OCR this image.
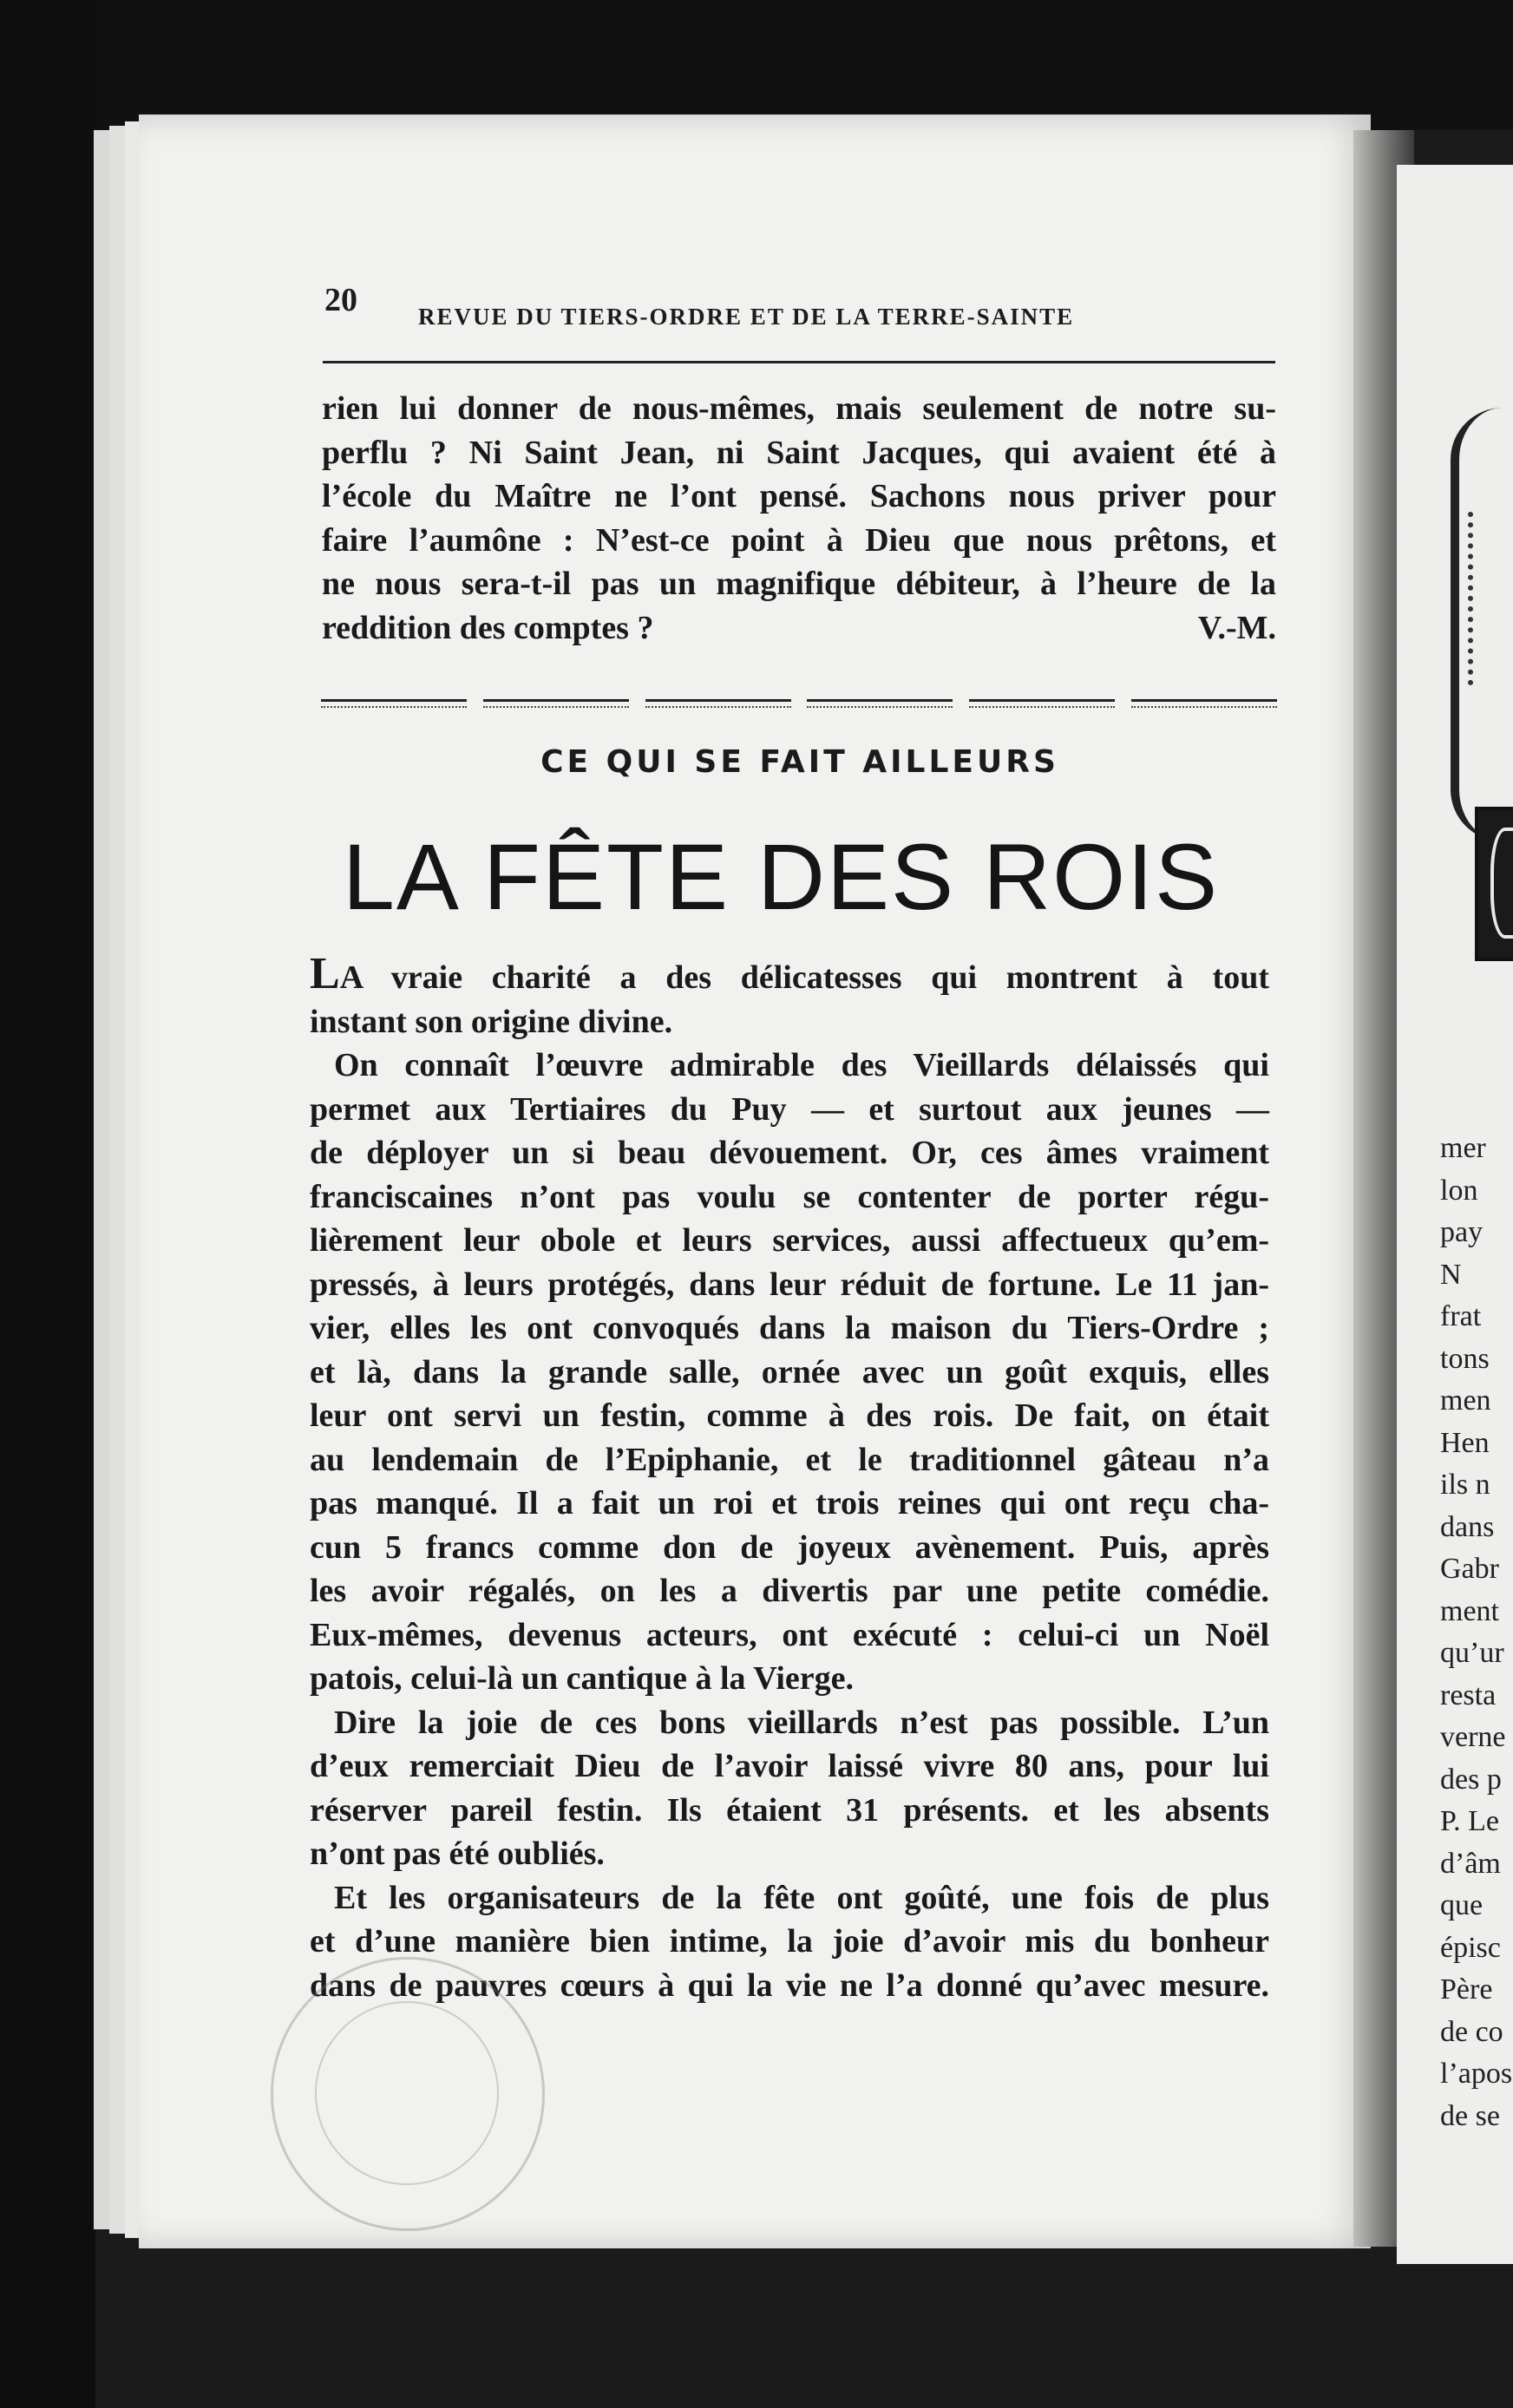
mer
lon
pay
N
frat
tons
men
Hen
ils n
dans
Gabr
ment
qu’ur
resta
verne
des p
P. Le
d’âm
que
épisc
Père
de co
l’apos
de se
20	REVUE DU TIERS-ORDRE ET DE LA TERRE-SAINTE
rien lui donner de nous-mêmes, mais seulement de notre su-
perflu ? Ni Saint Jean, ni Saint Jacques, qui avaient été à
l’école du Maître ne l’ont pensé. Sachons nous priver pour
faire l’aumône : N’est-ce point à Dieu que nous prêtons, et
ne nous sera-t-il pas un magnifique débiteur, à l’heure de la
reddition des comptes ?	V.-M.
CE QUI SE FAIT AILLEURS
LA FÊTE DES ROIS
LA vraie charité a des délicatesses qui montrent à tout
instant son origine divine.
On connaît l’œuvre admirable des Vieillards délaissés qui
permet aux Tertiaires du Puy — et surtout aux jeunes —
de déployer un si beau dévouement. Or, ces âmes vraiment
franciscaines n’ont pas voulu se contenter de porter régu-
lièrement leur obole et leurs services, aussi affectueux qu’em-
pressés, à leurs protégés, dans leur réduit de fortune. Le 11 jan-
vier, elles les ont convoqués dans la maison du Tiers-Ordre ;
et là, dans la grande salle, ornée avec un goût exquis, elles
leur ont servi un festin, comme à des rois. De fait, on était
au lendemain de l’Epiphanie, et le traditionnel gâteau n’a
pas manqué. Il a fait un roi et trois reines qui ont reçu cha-
cun 5 francs comme don de joyeux avènement. Puis, après
les avoir régalés, on les a divertis par une petite comédie.
Eux-mêmes, devenus acteurs, ont exécuté : celui-ci un Noël
patois, celui-là un cantique à la Vierge.
Dire la joie de ces bons vieillards n’est pas possible. L’un
d’eux remerciait Dieu de l’avoir laissé vivre 80 ans, pour lui
réserver pareil festin. Ils étaient 31 présents. et les absents
n’ont pas été oubliés.
Et les organisateurs de la fête ont goûté, une fois de plus
et d’une manière bien intime, la joie d’avoir mis du bonheur
dans de pauvres cœurs à qui la vie ne l’a donné qu’avec mesure.
